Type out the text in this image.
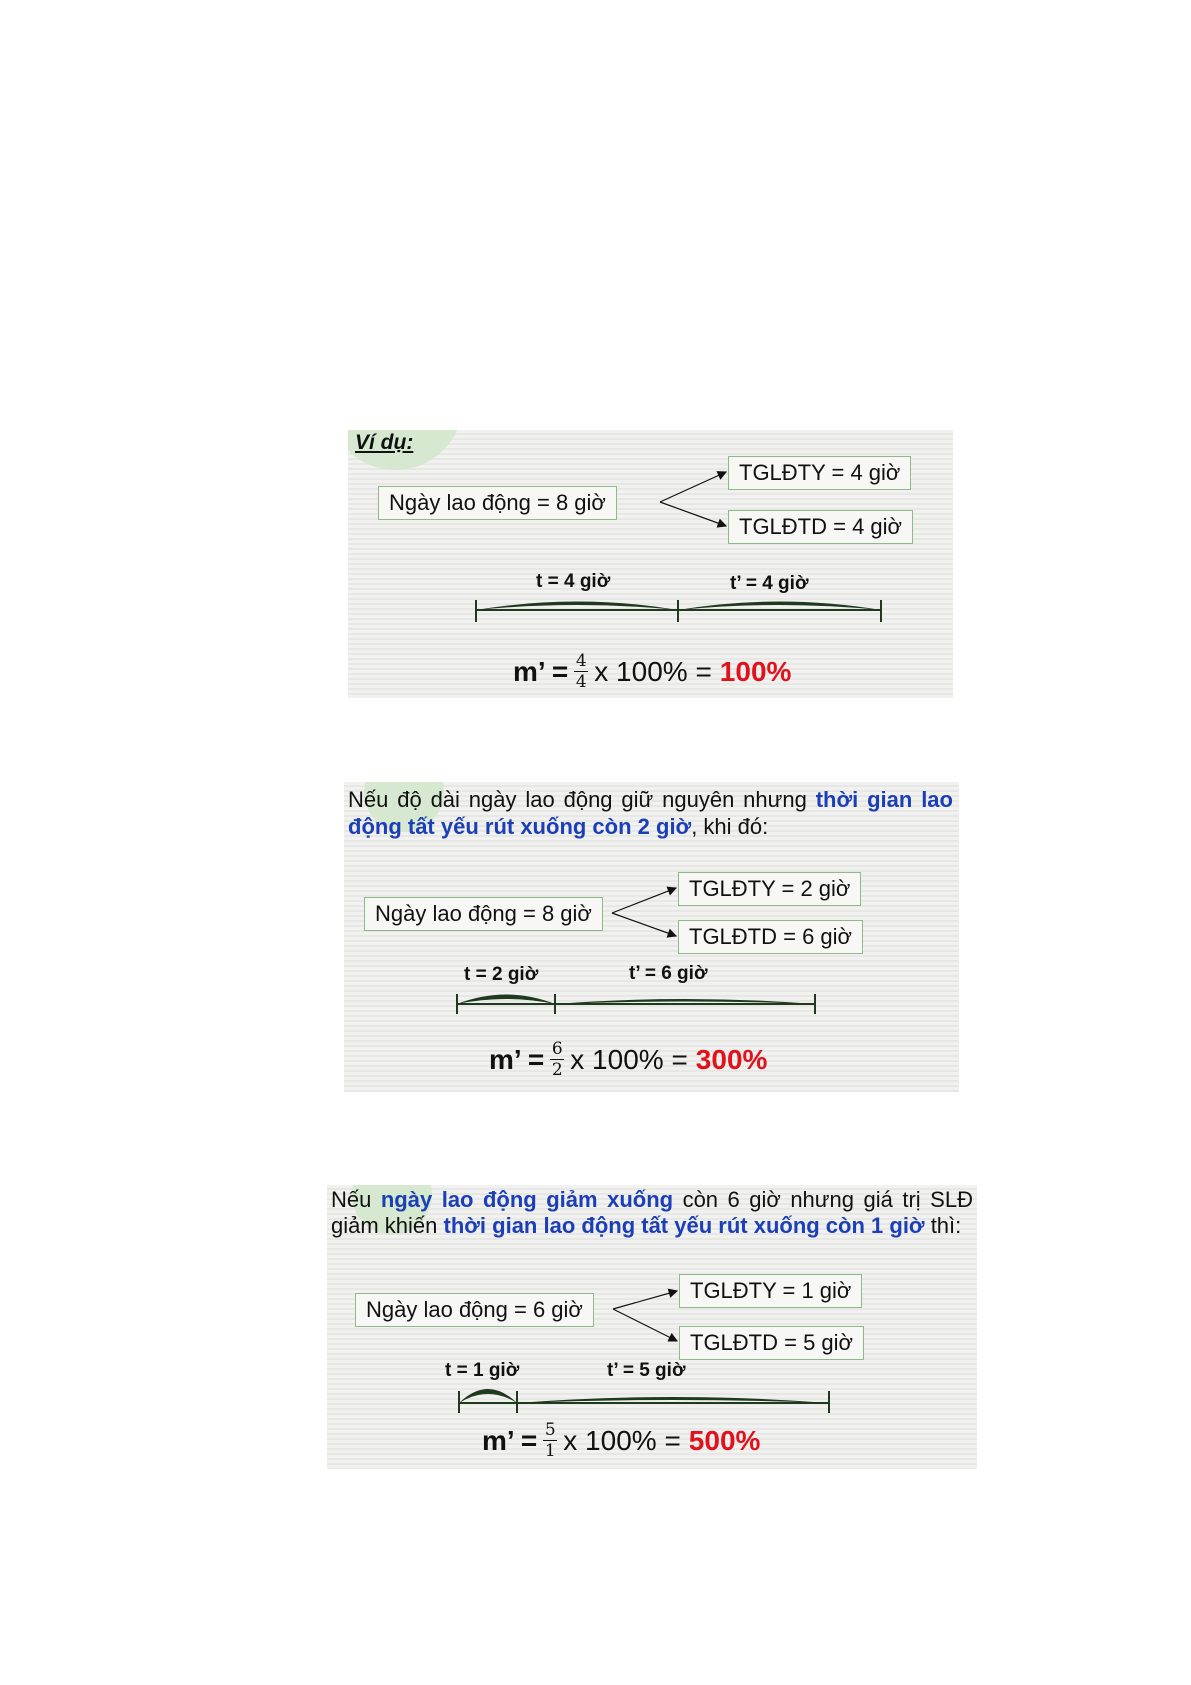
Ví dụ:
Ngày lao động = 8 giờ
TGLĐTY = 4 giờ
TGLĐTD = 4 giờ
t = 4 giờ	t’ = 4 giờ
m’ = $\frac{4}{4}$ x 100% = 100%
Nếu độ dài ngày lao động giữ nguyên nhưng thời gian lao động tất yếu rút xuống còn 2 giờ, khi đó:
Ngày lao động = 8 giờ
TGLĐTY = 2 giờ
TGLĐTD = 6 giờ
t = 2 giờ	t’ = 6 giờ
m’ = $\frac{6}{2}$ x 100% = 300%
Nếu ngày lao động giảm xuống còn 6 giờ nhưng giá trị SLĐ giảm khiến thời gian lao động tất yếu rút xuống còn 1 giờ thì:
Ngày lao động = 6 giờ
TGLĐTY = 1 giờ
TGLĐTD = 5 giờ
t = 1 giờ	t’ = 5 giờ
m’ = $\frac{5}{1}$ x 100% = 500%
